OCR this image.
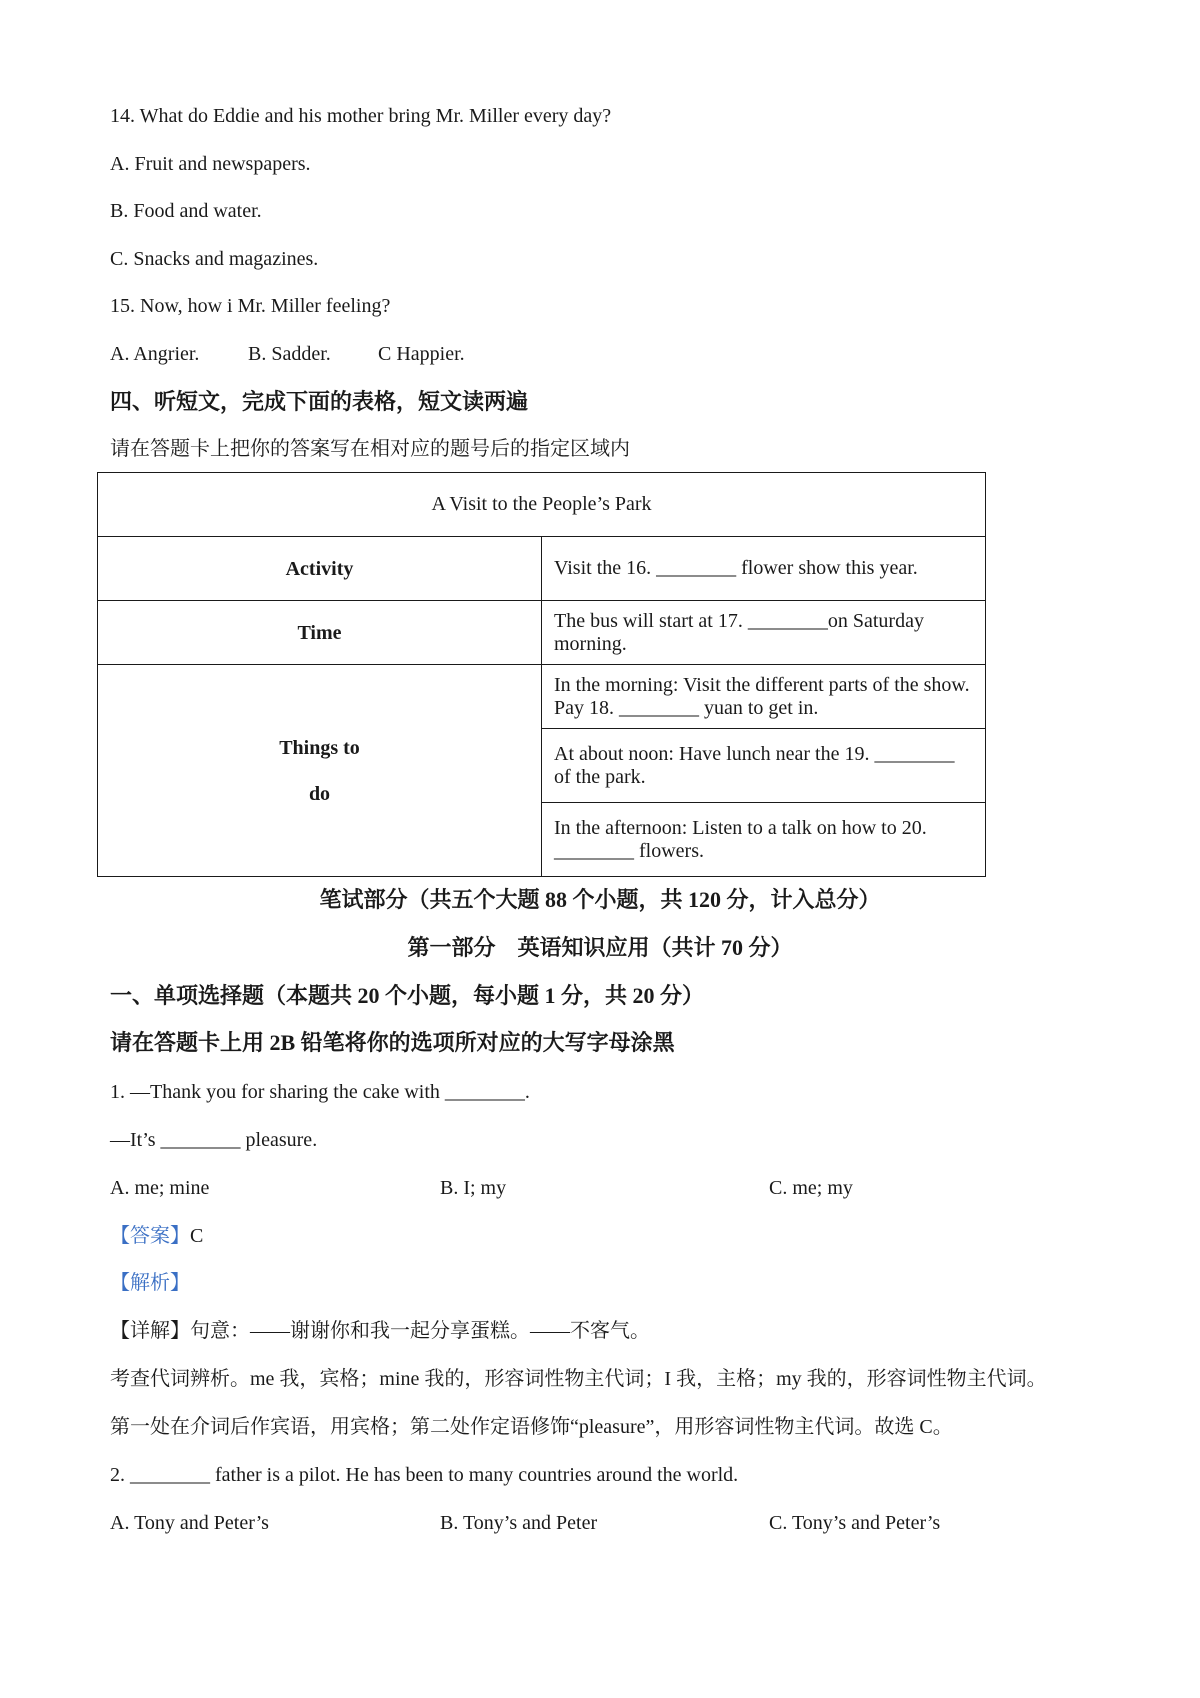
14. What do Eddie and his mother bring Mr. Miller every day?
A. Fruit and newspapers.
B. Food and water.
C. Snacks and magazines.
15. Now, how i Mr. Miller feeling?
A. Angrier. B. Sadder. C Happier.
四、听短文，完成下面的表格，短文读两遍
请在答题卡上把你的答案写在相对应的题号后的指定区域内
A Visit to the People’s Park	
Activity	Visit the 16. ________ flower show this year.
Time	The bus will start at 17. ________on Saturday morning.
Things to
do	In the morning: Visit the different parts of the show. Pay 18. ________ yuan to get in.
	At about noon: Have lunch near the 19. ________ of the park.
	In the afternoon: Listen to a talk on how to 20. ________ flowers.
笔试部分（共五个大题 88 个小题，共 120 分，计入总分）
第一部分　英语知识应用（共计 70 分）
一、单项选择题（本题共 20 个小题，每小题 1 分，共 20 分）
请在答题卡上用 2B 铅笔将你的选项所对应的大写字母涂黑
1. —Thank you for sharing the cake with ________.
—It’s ________ pleasure.
A. me; mine	B. I; my	C. me; my
【答案】C
【解析】
【详解】句意：——谢谢你和我一起分享蛋糕。——不客气。
考查代词辨析。me 我，宾格；mine 我的，形容词性物主代词；I 我，主格；my 我的，形容词性物主代词。
第一处在介词后作宾语，用宾格；第二处作定语修饰“pleasure”，用形容词性物主代词。故选 C。
2. ________ father is a pilot. He has been to many countries around the world.
A. Tony and Peter’s	B. Tony’s and Peter	C. Tony’s and Peter’s
